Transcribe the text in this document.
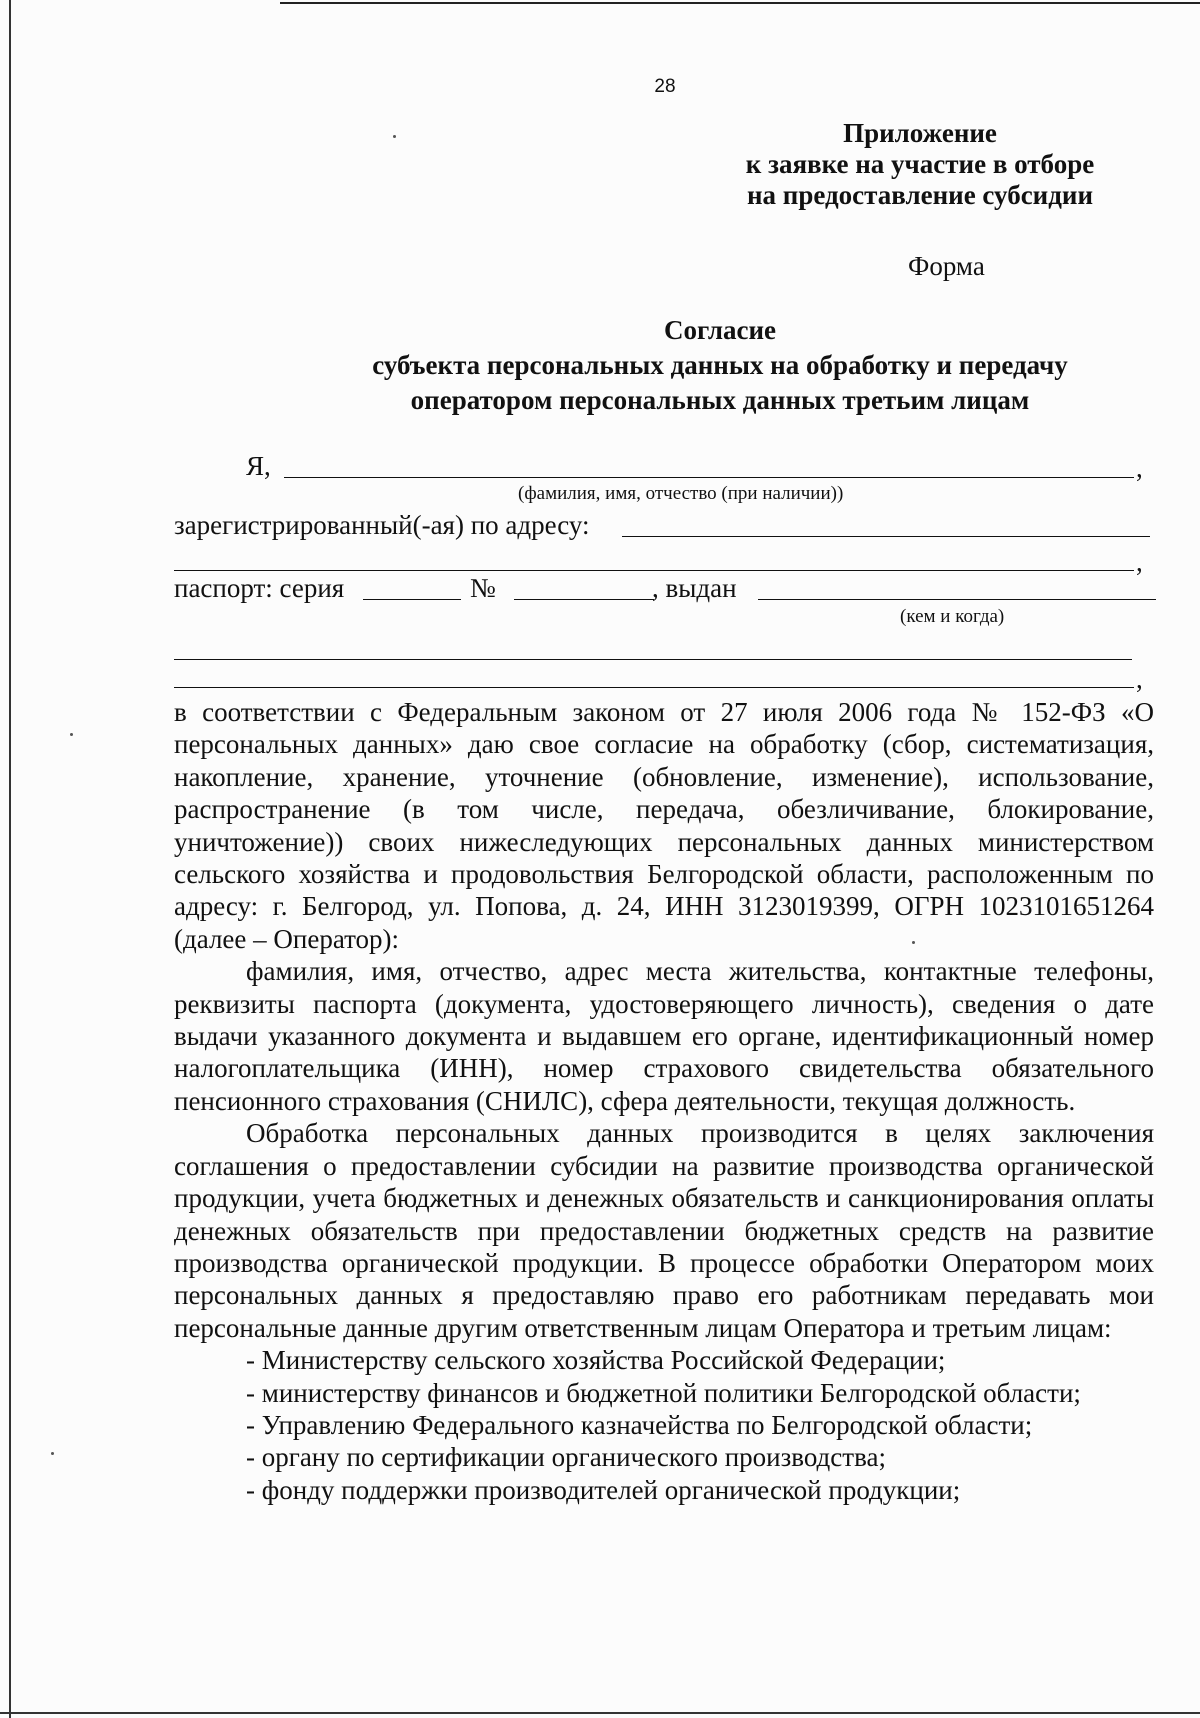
28
Приложение
к заявке на участие в отборе
на предоставление субсидии
Форма
Согласие
субъекта персональных данных на обработку и передачу
оператором персональных данных третьим лицам
Я,	,
(фамилия, имя, отчество (при наличии))
зарегистрированный(-ая) по адресу:
,
паспорт: серия	№	, выдан
(кем и когда)
,

в соответствии с Федеральным законом от 27 июля 2006 года № 152-ФЗ «О персональных данных» даю свое согласие на обработку (сбор, систематизация, накопление, хранение, уточнение (обновление, изменение), использование, распространение (в том числе, передача, обезличивание, блокирование, уничтожение)) своих нижеследующих персональных данных министерством сельского хозяйства и продовольствия Белгородской области, расположенным по адресу: г. Белгород, ул. Попова, д. 24, ИНН 3123019399, ОГРН 1023101651264 (далее – Оператор):

фамилия, имя, отчество, адрес места жительства, контактные телефоны, реквизиты паспорта (документа, удостоверяющего личность), сведения о дате выдачи указанного документа и выдавшем его органе, идентификационный номер налогоплательщика (ИНН), номер страхового свидетельства обязательного пенсионного страхования (СНИЛС), сфера деятельности, текущая должность.

Обработка персональных данных производится в целях заключения соглашения о предоставлении субсидии на развитие производства органической продукции, учета бюджетных и денежных обязательств и санкционирования оплаты денежных обязательств при предоставлении бюджетных средств на развитие производства органической продукции. В процессе обработки Оператором моих персональных данных я предоставляю право его работникам передавать мои персональные данные другим ответственным лицам Оператора и третьим лицам:

- Министерству сельского хозяйства Российской Федерации;

- министерству финансов и бюджетной политики Белгородской области;

- Управлению Федерального казначейства по Белгородской области;

- органу по сертификации органического производства;

- фонду поддержки производителей органической продукции;
